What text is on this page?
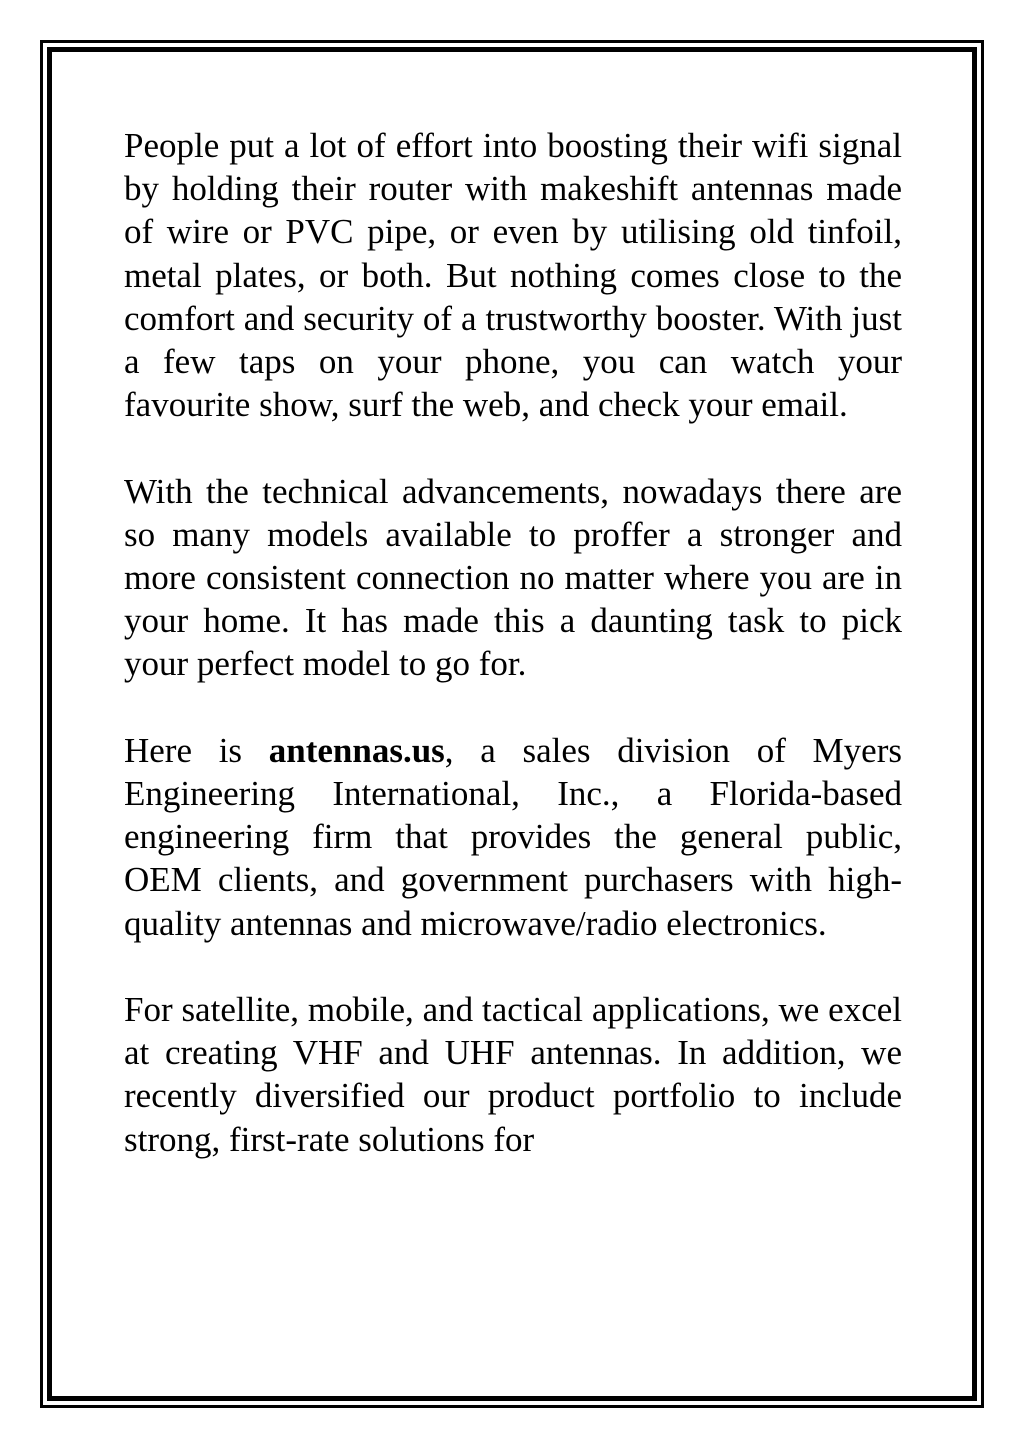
People put a lot of effort into boosting their wifi signal by holding their router with makeshift antennas made of wire or PVC pipe, or even by utilising old tinfoil, metal plates, or both. But nothing comes close to the comfort and security of a trustworthy booster. With just a few taps on your phone, you can watch your favourite show, surf the web, and check your email.

With the technical advancements, nowadays there are so many models available to proffer a stronger and more consistent connection no matter where you are in your home. It has made this a daunting task to pick your perfect model to go for.

Here is antennas.us, a sales division of Myers Engineering International, Inc., a Florida-based engineering firm that provides the general public, OEM clients, and government purchasers with high-quality antennas and microwave/radio electronics.

For satellite, mobile, and tactical applications, we excel at creating VHF and UHF antennas. In addition, we recently diversified our product portfolio to include strong, first-rate solutions for
